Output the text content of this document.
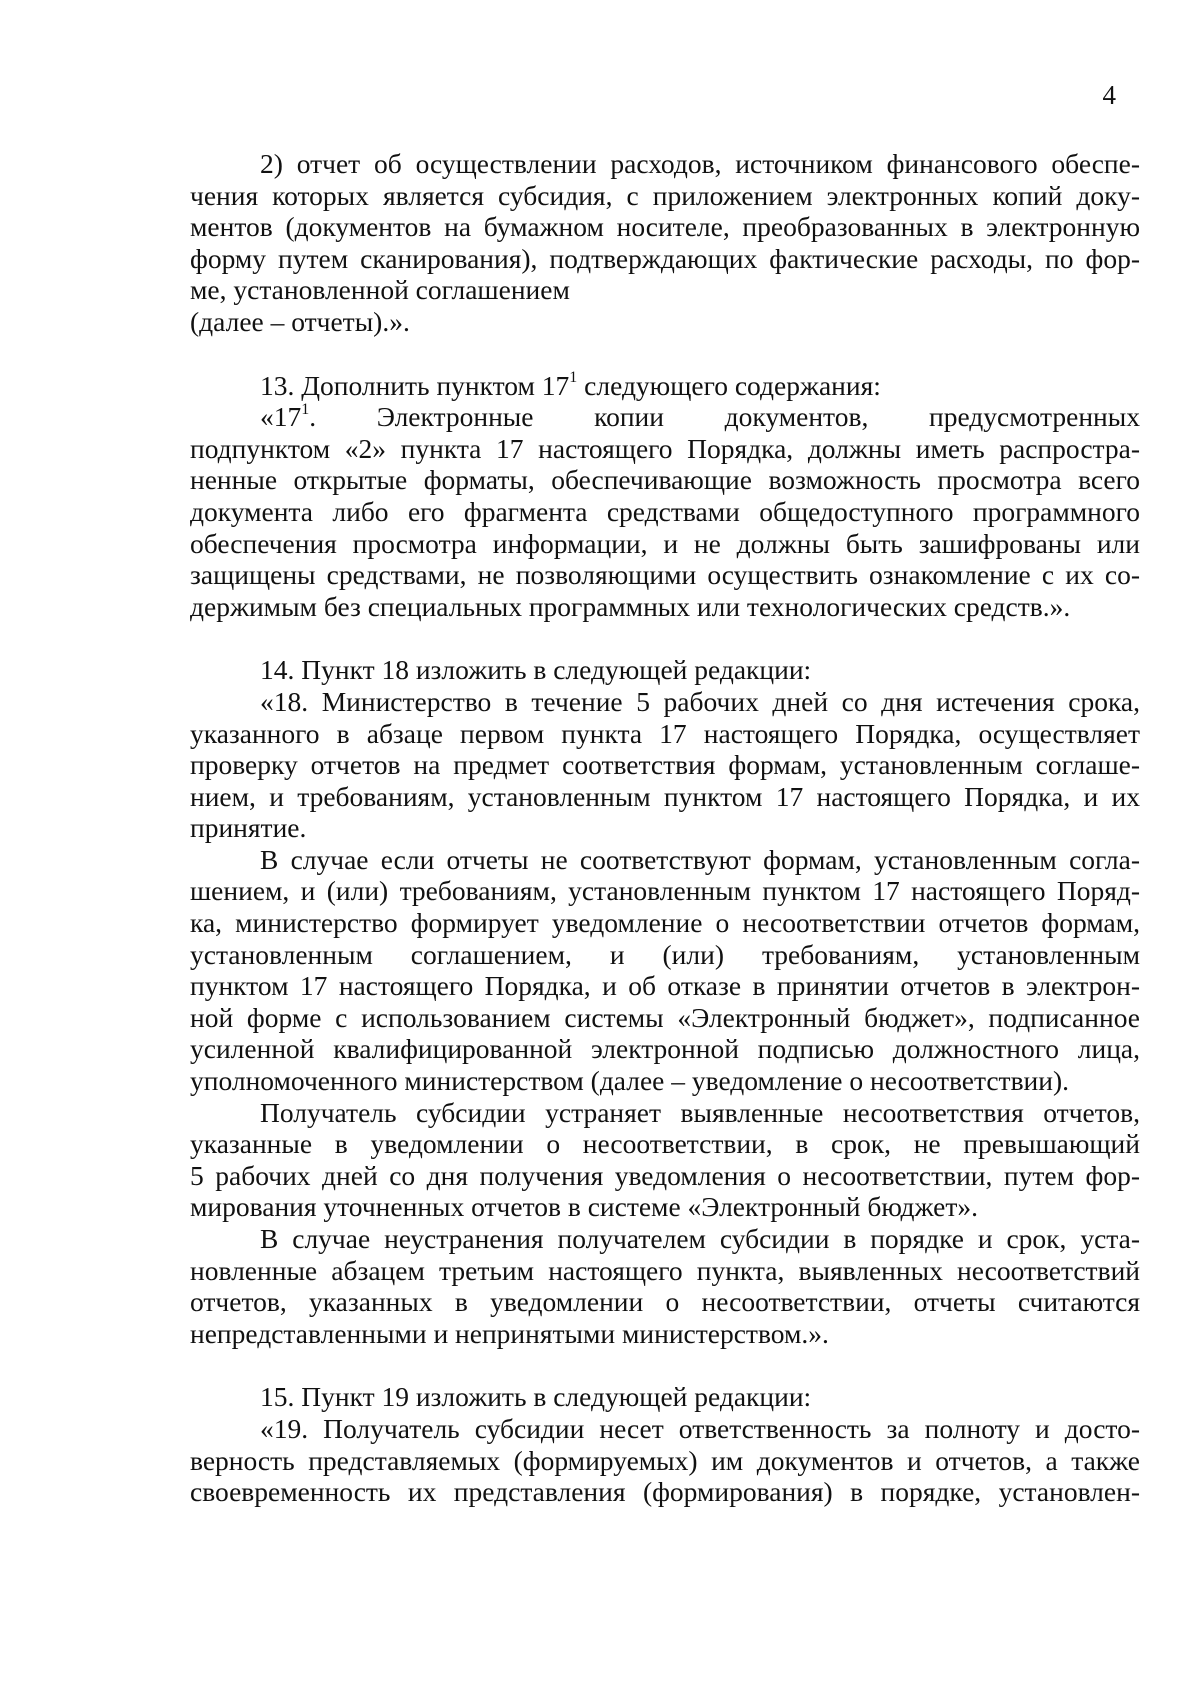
4
2) отчет об осуществлении расходов, источником финансового обеспе-
чения которых является субсидия, с приложением электронных копий доку-
ментов (документов на бумажном носителе, преобразованных в электронную
форму путем сканирования), подтверждающих фактические расходы, по фор-
ме, установленной соглашением
(далее – отчеты).».
13. Дополнить пунктом $17^1$ следующего содержания:
«$17^1$. Электронные копии документов, предусмотренных
подпунктом «2» пункта 17 настоящего Порядка, должны иметь распростра-
ненные открытые форматы, обеспечивающие возможность просмотра всего
документа либо его фрагмента средствами общедоступного программного
обеспечения просмотра информации, и не должны быть зашифрованы или
защищены средствами, не позволяющими осуществить ознакомление с их со-
держимым без специальных программных или технологических средств.».
14. Пункт 18 изложить в следующей редакции:
«18. Министерство в течение 5 рабочих дней со дня истечения срока,
указанного в абзаце первом пункта 17 настоящего Порядка, осуществляет
проверку отчетов на предмет соответствия формам, установленным соглаше-
нием, и требованиям, установленным пунктом 17 настоящего Порядка, и их
принятие.
В случае если отчеты не соответствуют формам, установленным согла-
шением, и (или) требованиям, установленным пунктом 17 настоящего Поряд-
ка, министерство формирует уведомление о несоответствии отчетов формам,
установленным соглашением, и (или) требованиям, установленным
пунктом 17 настоящего Порядка, и об отказе в принятии отчетов в электрон-
ной форме с использованием системы «Электронный бюджет», подписанное
усиленной квалифицированной электронной подписью должностного лица,
уполномоченного министерством (далее – уведомление о несоответствии).
Получатель субсидии устраняет выявленные несоответствия отчетов,
указанные в уведомлении о несоответствии, в срок, не превышающий
5 рабочих дней со дня получения уведомления о несоответствии, путем фор-
мирования уточненных отчетов в системе «Электронный бюджет».
В случае неустранения получателем субсидии в порядке и срок, уста-
новленные абзацем третьим настоящего пункта, выявленных несоответствий
отчетов, указанных в уведомлении о несоответствии, отчеты считаются
непредставленными и непринятыми министерством.».
15. Пункт 19 изложить в следующей редакции:
«19. Получатель субсидии несет ответственность за полноту и досто-
верность представляемых (формируемых) им документов и отчетов, а также
своевременность их представления (формирования) в порядке, установлен-
